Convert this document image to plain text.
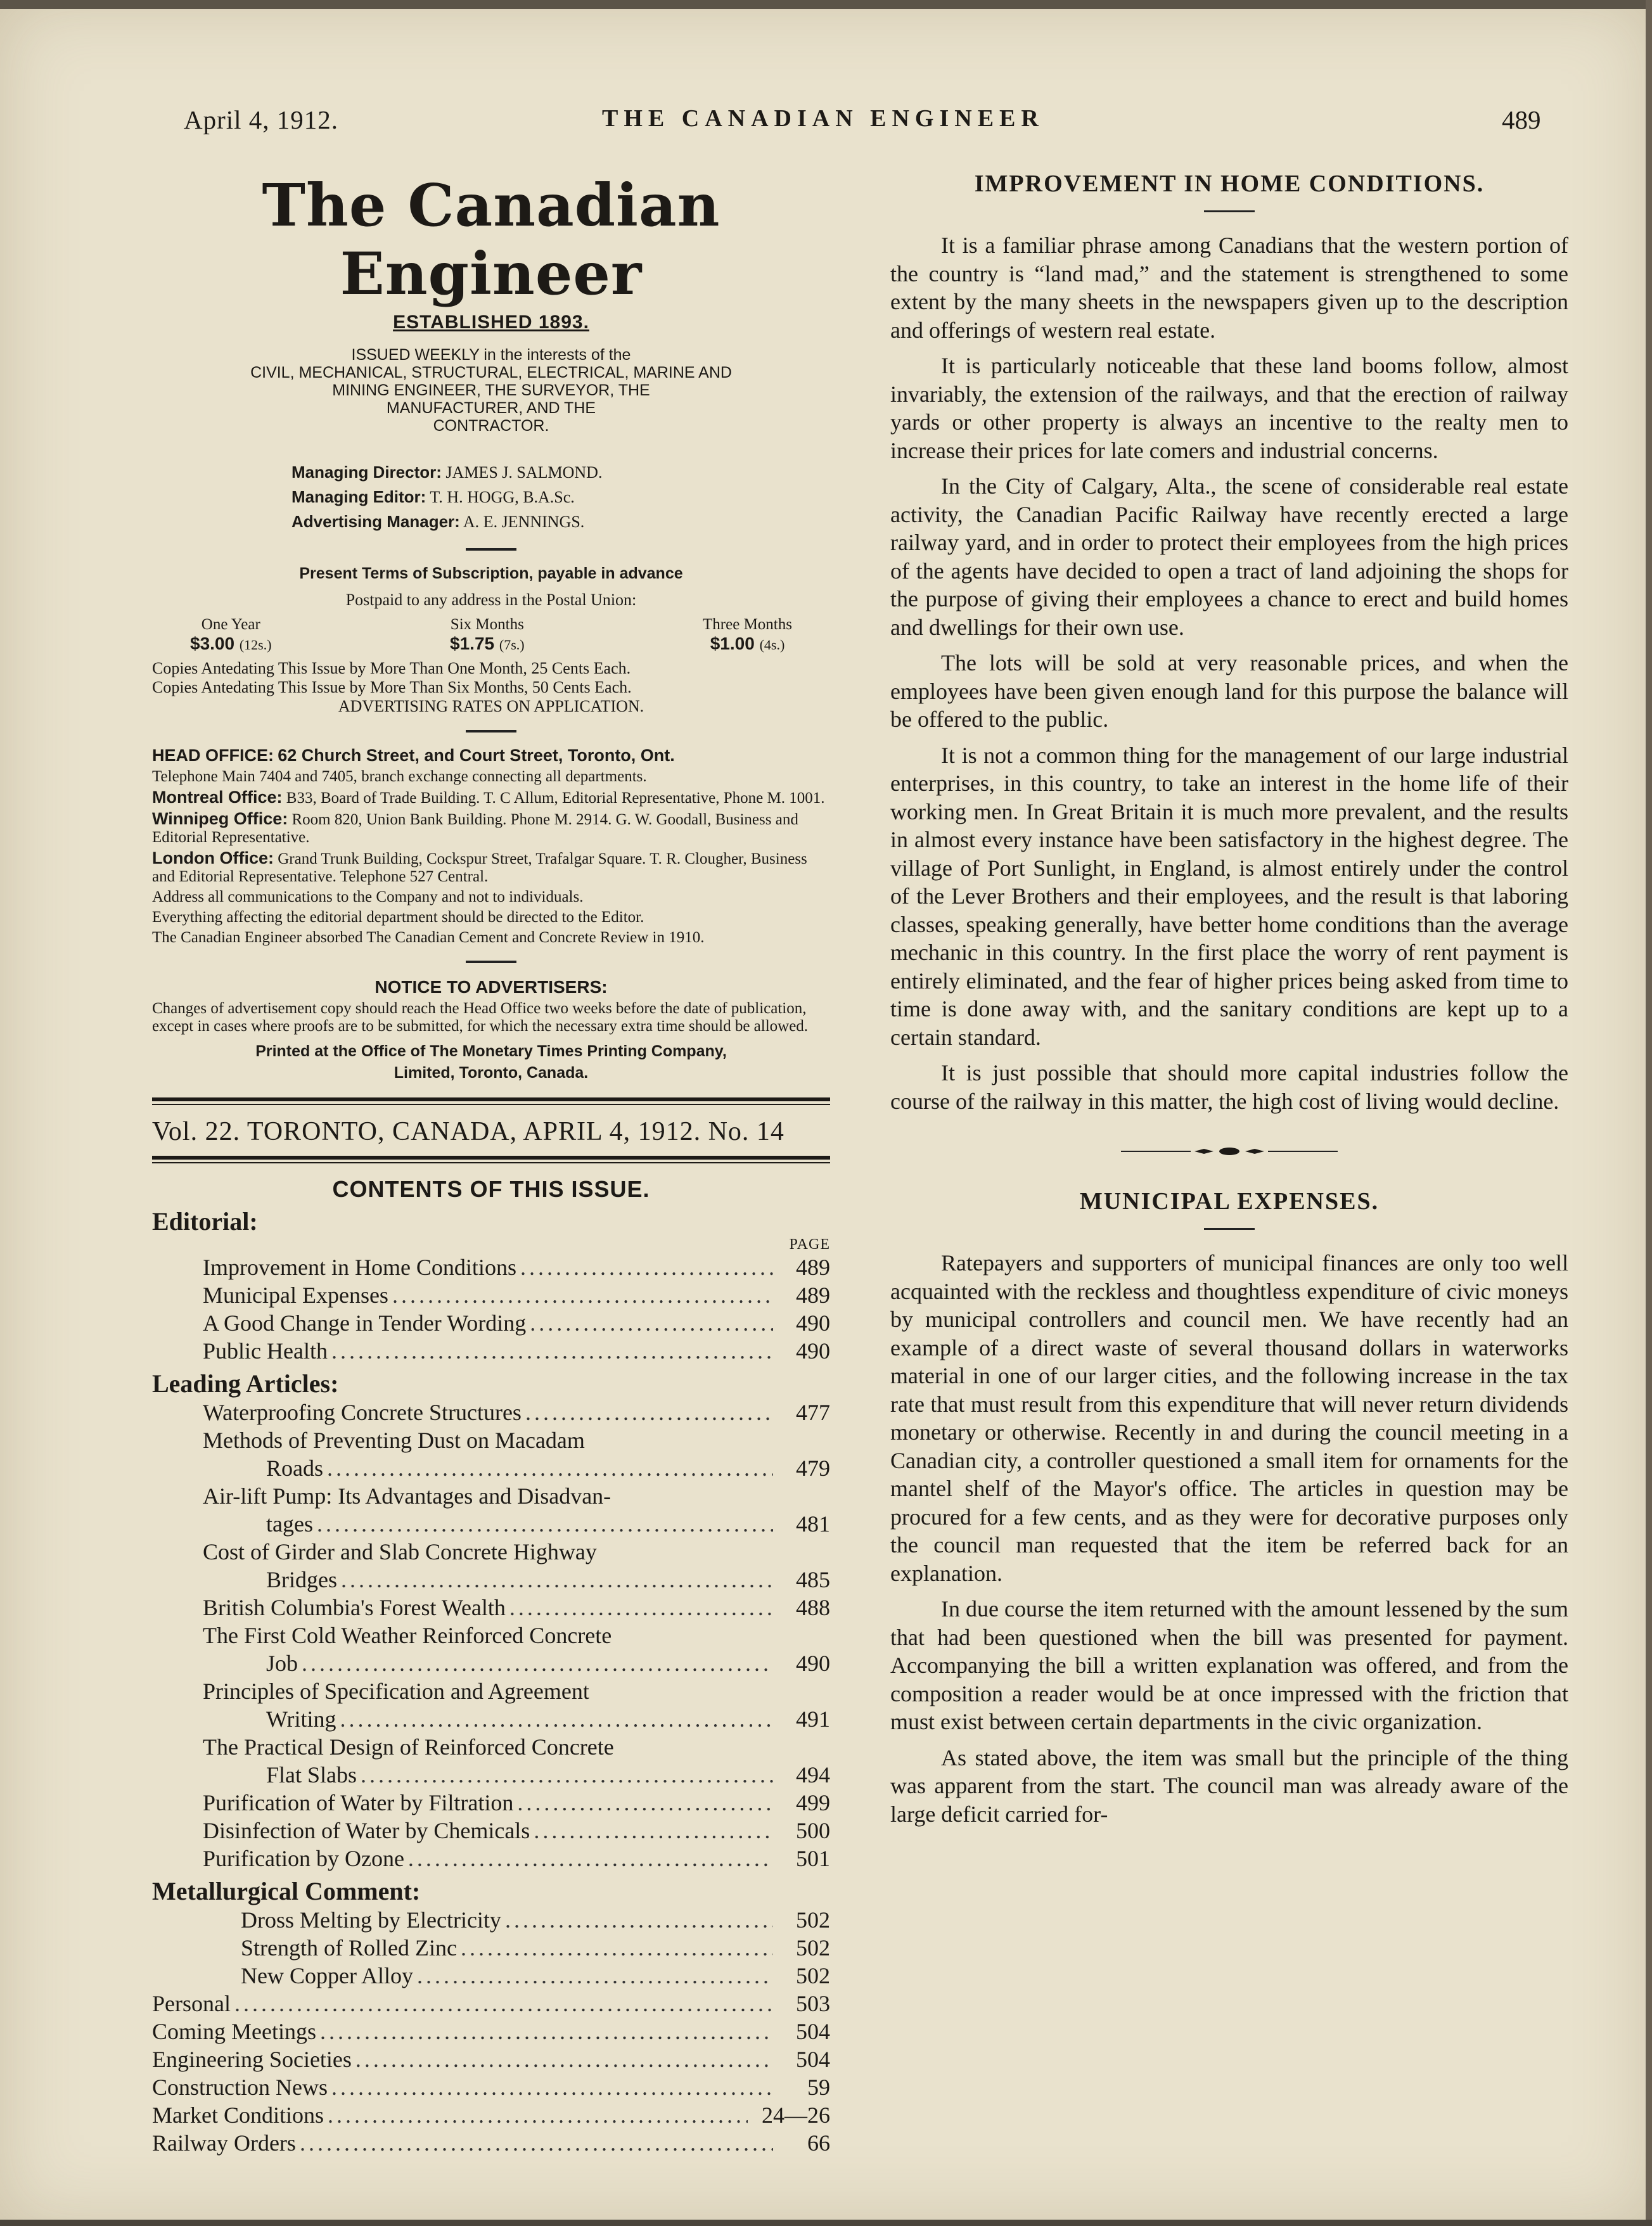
April 4, 1912.	THE CANADIAN ENGINEER	489
The Canadian Engineer
ESTABLISHED 1893.
ISSUED WEEKLY in the interests of the
CIVIL, MECHANICAL, STRUCTURAL, ELECTRICAL, MARINE AND
MINING ENGINEER, THE SURVEYOR, THE
MANUFACTURER, AND THE
CONTRACTOR.
Managing Director: JAMES J. SALMOND.
Managing Editor: T. H. HOGG, B.A.Sc.
Advertising Manager: A. E. JENNINGS.
Present Terms of Subscription, payable in advance
Postpaid to any address in the Postal Union:
One Year
$3.00 (12s.)
Six Months
$1.75 (7s.)
Three Months
$1.00 (4s.)
Copies Antedating This Issue by More Than One Month, 25 Cents Each.
Copies Antedating This Issue by More Than Six Months, 50 Cents Each.
ADVERTISING RATES ON APPLICATION.
HEAD OFFICE: 62 Church Street, and Court Street, Toronto, Ont.
Telephone Main 7404 and 7405, branch exchange connecting all departments.
Montreal Office: B33, Board of Trade Building. T. C Allum, Editorial Representative, Phone M. 1001.
Winnipeg Office: Room 820, Union Bank Building. Phone M. 2914. G. W. Goodall, Business and Editorial Representative.
London Office: Grand Trunk Building, Cockspur Street, Trafalgar Square. T. R. Clougher, Business and Editorial Representative. Telephone 527 Central.
Address all communications to the Company and not to individuals.
Everything affecting the editorial department should be directed to the Editor.
The Canadian Engineer absorbed The Canadian Cement and Concrete Review in 1910.
NOTICE TO ADVERTISERS:
Changes of advertisement copy should reach the Head Office two weeks before the date of publication, except in cases where proofs are to be submitted, for which the necessary extra time should be allowed.
Printed at the Office of The Monetary Times Printing Company,
Limited, Toronto, Canada.
Vol. 22. TORONTO, CANADA, APRIL 4, 1912. No. 14
CONTENTS OF THIS ISSUE.
Editorial:
PAGE
Improvement in Home Conditions . . .	489
Municipal Expenses . . .	489
A Good Change in Tender Wording . . .	490
Public Health . . .	490
Leading Articles:
Waterproofing Concrete Structures . . .	477
Methods of Preventing Dust on Macadam
Roads . . .	479
Air-lift Pump: Its Advantages and Disadvan-
tages . . .	481
Cost of Girder and Slab Concrete Highway
Bridges . . .	485
British Columbia's Forest Wealth . . .	488
The First Cold Weather Reinforced Concrete
Job . . .	490
Principles of Specification and Agreement
Writing . . .	491
The Practical Design of Reinforced Concrete
Flat Slabs . . .	494
Purification of Water by Filtration . . .	499
Disinfection of Water by Chemicals . . .	500
Purification by Ozone . . .	501
Metallurgical Comment:
Dross Melting by Electricity . . .	502
Strength of Rolled Zinc . . .	502
New Copper Alloy . . .	502
Personal . . .	503
Coming Meetings . . .	504
Engineering Societies . . .	504
Construction News . . .	59
Market Conditions . . .	24—26
Railway Orders . . .	66
IMPROVEMENT IN HOME CONDITIONS.

It is a familiar phrase among Canadians that the western portion of the country is “land mad,” and the statement is strengthened to some extent by the many sheets in the newspapers given up to the description and offerings of western real estate.

It is particularly noticeable that these land booms follow, almost invariably, the extension of the railways, and that the erection of railway yards or other property is always an incentive to the realty men to increase their prices for late comers and industrial concerns.

In the City of Calgary, Alta., the scene of considerable real estate activity, the Canadian Pacific Railway have recently erected a large railway yard, and in order to protect their employees from the high prices of the agents have decided to open a tract of land adjoining the shops for the purpose of giving their employees a chance to erect and build homes and dwellings for their own use.

The lots will be sold at very reasonable prices, and when the employees have been given enough land for this purpose the balance will be offered to the public.

It is not a common thing for the management of our large industrial enterprises, in this country, to take an interest in the home life of their working men. In Great Britain it is much more prevalent, and the results in almost every instance have been satisfactory in the highest degree. The village of Port Sunlight, in England, is almost entirely under the control of the Lever Brothers and their employees, and the result is that laboring classes, speaking generally, have better home conditions than the average mechanic in this country. In the first place the worry of rent payment is entirely eliminated, and the fear of higher prices being asked from time to time is done away with, and the sanitary conditions are kept up to a certain standard.

It is just possible that should more capital industries follow the course of the railway in this matter, the high cost of living would decline.

MUNICIPAL EXPENSES.

Ratepayers and supporters of municipal finances are only too well acquainted with the reckless and thoughtless expenditure of civic moneys by municipal controllers and council men. We have recently had an example of a direct waste of several thousand dollars in waterworks material in one of our larger cities, and the following increase in the tax rate that must result from this expenditure that will never return dividends monetary or otherwise. Recently in and during the council meeting in a Canadian city, a controller questioned a small item for ornaments for the mantel shelf of the Mayor's office. The articles in question may be procured for a few cents, and as they were for decorative purposes only the council man requested that the item be referred back for an explanation.

In due course the item returned with the amount lessened by the sum that had been questioned when the bill was presented for payment. Accompanying the bill a written explanation was offered, and from the composition a reader would be at once impressed with the friction that must exist between certain departments in the civic organization.

As stated above, the item was small but the principle of the thing was apparent from the start. The council man was already aware of the large deficit carried for-
